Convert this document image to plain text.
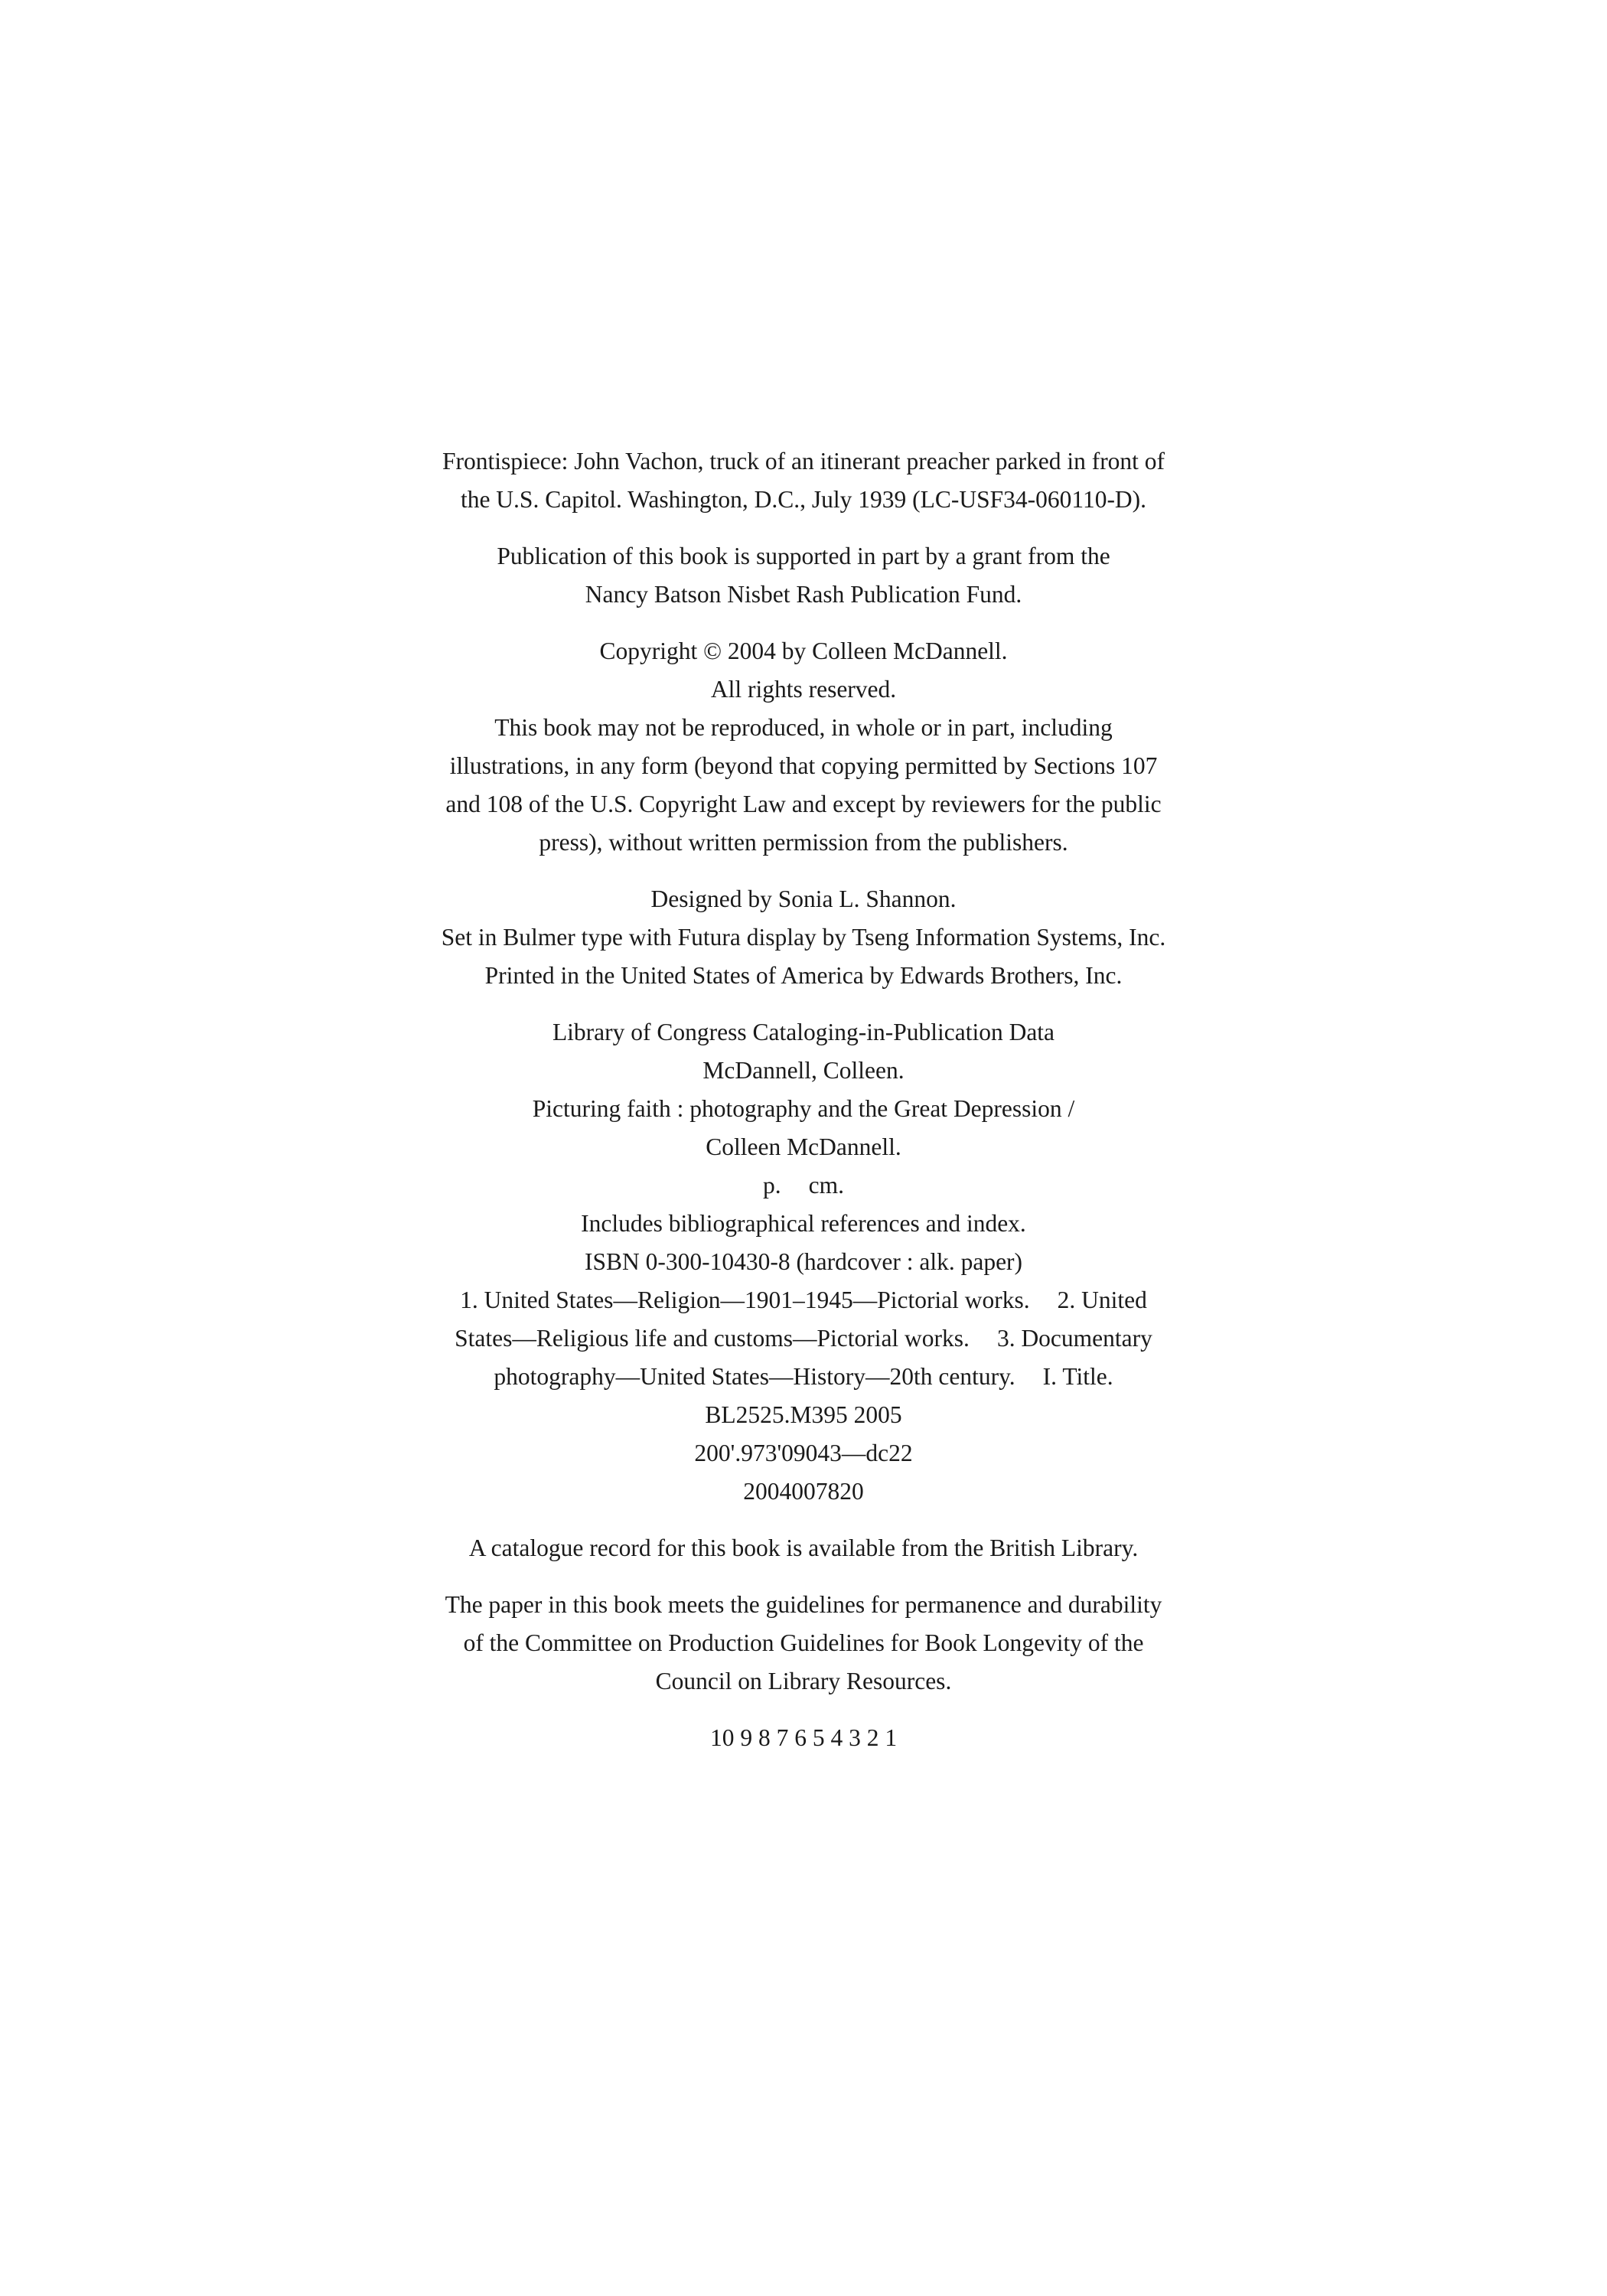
Frontispiece: John Vachon, truck of an itinerant preacher parked in front of
the U.S. Capitol. Washington, D.C., July 1939 (LC-USF34-060110-D).
Publication of this book is supported in part by a grant from the
Nancy Batson Nisbet Rash Publication Fund.
Copyright © 2004 by Colleen McDannell.
All rights reserved.
This book may not be reproduced, in whole or in part, including
illustrations, in any form (beyond that copying permitted by Sections 107
and 108 of the U.S. Copyright Law and except by reviewers for the public
press), without written permission from the publishers.
Designed by Sonia L. Shannon.
Set in Bulmer type with Futura display by Tseng Information Systems, Inc.
Printed in the United States of America by Edwards Brothers, Inc.
Library of Congress Cataloging-in-Publication Data
McDannell, Colleen.
Picturing faith : photography and the Great Depression /
Colleen McDannell.
p. cm.
Includes bibliographical references and index.
ISBN 0-300-10430-8 (hardcover : alk. paper)
1. United States—Religion—1901–1945—Pictorial works. 2. United
States—Religious life and customs—Pictorial works. 3. Documentary
photography—United States—History—20th century. I. Title.
BL2525.M395 2005
200'.973'09043—dc22
2004007820
A catalogue record for this book is available from the British Library.
The paper in this book meets the guidelines for permanence and durability
of the Committee on Production Guidelines for Book Longevity of the
Council on Library Resources.
10 9 8 7 6 5 4 3 2 1
